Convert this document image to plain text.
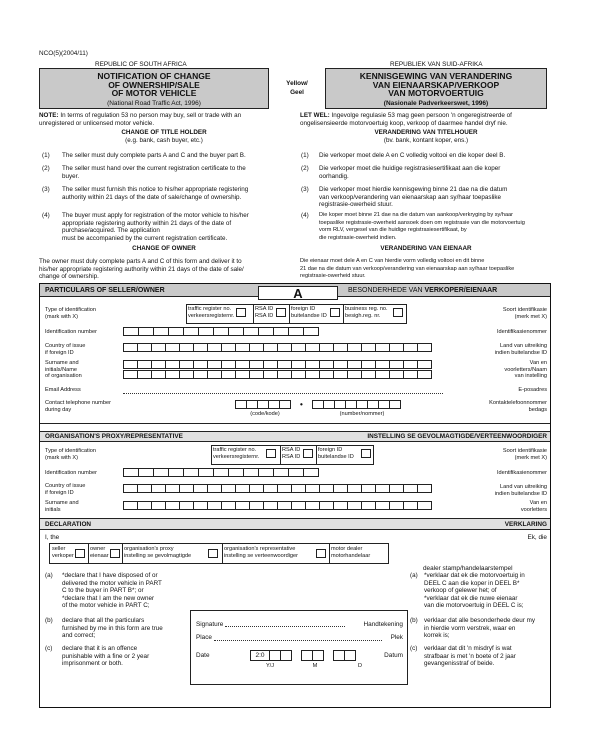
NCO(5)(2004/11)
REPUBLIC OF SOUTH AFRICA	REPUBLIEK VAN SUID-AFRIKA
NOTIFICATION OF CHANGE
OF OWNERSHIP/SALE
OF MOTOR VEHICLE
(National Road Traffic Act, 1996)
Yellow/
Geel
KENNISGEWING VAN VERANDERING
VAN EIENAARSKAP/VERKOOP
VAN MOTORVOERTUIG
(Nasionale Padverkeerswet, 1996)
NOTE: In terms of regulation 53 no person may buy, sell or trade with an
unregistered or unlicensed motor vehicle.
CHANGE OF TITLE HOLDER
(e.g. bank, cash buyer, etc.)
(1) The seller must duly complete parts A and C and the buyer part B.
(2) The seller must hand over the current registration certificate to the
buyer.
(3) The seller must furnish this notice to his/her appropriate registering
authority within 21 days of the date of sale/change of ownership.
(4) The buyer must apply for registration of the motor vehicle to his/her
appropriate registering authority within 21 days of the date of
purchase/acquired. The application
must be accompanied by the current registration certificate.
CHANGE OF OWNER
The owner must duly complete parts A and C of this form and deliver it to
his/her appropriate registering authority within 21 days of the date of sale/
change of ownership.
LET WEL: Ingevolge regulasie 53 mag geen persoon 'n ongeregistreerde of
ongelisensieerde motorvoertuig koop, verkoop of daarmee handel dryf nie.
VERANDERING VAN TITELHOUER
(bv. bank, kontant koper, ens.)
(1) Die verkoper moet dele A en C volledig voltooi en die koper deel B.
(2) Die verkoper moet die huidige registrasiesertifikaat aan die koper
oorhandig.
(3) Die verkoper moet hierdie kennisgewing binne 21 dae na die datum
van verkoop/verandering van eienaarskap aan sy/haar toepaslike
registrasie-owerheid stuur.
(4) Die koper moet binne 21 dae na die datum van aankoop/verkryging by sy/haar
toepaslike registrasie-owerheid aansoek doen om registrasie van die motorvoertuig
vorm RLV, vergesel van die huidige registrasiesertifikaat, by
die registrasie-owerheid indien.
VERANDERING VAN EIENAAR
Die eienaar moet dele A en C van hierdie vorm volledig voltooi en dit binne
21 dae na die datum van verkoop/verandering van eienaarskap aan sy/haar toepaslike
registrasie-owerheid stuur.
PARTICULARS OF SELLER/OWNER	A	BESONDERHEDE VAN VERKOPER/EIENAAR
Type of identification
(mark with X)
traffic register no.
verkeersregisternr.
RSA ID
RSA ID
foreign ID
buitelandse ID
business reg. no.
besigh.reg. nr.
Soort identifikasie
(merk met X)
Identification number	Identifikasienommer
Country of issue
if foreign ID
Land van uitreiking
indien buitelandse ID
Surname and
initials/Name
of organisation
Van en
voorletters/Naam
van instelling
Email Address	E-posadres
Contact telephone number
during day
•
(code/kode)	(number/nommer)
Kontaktelefoonnommer
bedags
ORGANISATION'S PROXY/REPRESENTATIVE	INSTELLING SE GEVOLMAGTIGDE/VERTEENWOORDIGER
Type of identification
(mark with X)
traffic register no.
verkeersregisternr.
RSA ID
RSA ID
foreign ID
buitelandse ID
Soort identifikasie
(merk met X)
Identification number	Identifikasienommer
Country of issue
if foreign ID
Land van uitreiking
indien buitelandse ID
Surname and
initials
Van en
voorletters
DECLARATION	VERKLARING
I, the	Ek, die
seller
verkoper
owner
eienaar
organisation's proxy
instelling se gevolmagtigde
organisation's representative
instelling se verteenwoordiger
motor dealer
motorhandelaar
dealer stamp/handelaarstempel
(a) *declare that I have disposed of or
delivered the motor vehicle in PART
C to the buyer in PART B*; or
*declare that I am the new owner
of the motor vehicle in PART C;
(b) declare that all the particulars
furnished by me in this form are true
and correct;
(c) declare that it is an offence
punishable with a fine or 2 year
imprisonment or both.
Signature	Handtekening
Place	Plek
Date	2:0	Datum
Y/J	M	D
(a) *verklaar dat ek die motorvoertuig in
DEEL C aan die koper in DEEL B*
verkoop of gelewer het; of
*verklaar dat ek die nuwe eienaar
van die motorvoertuig in DEEL C is;
(b) verklaar dat alle besonderhede deur my
in hierdie vorm verstrek, waar en
korrek is;
(c) verklaar dat dit 'n misdryf is wat
strafbaar is met 'n boete of 2 jaar
gevangenisstraf of beide.
